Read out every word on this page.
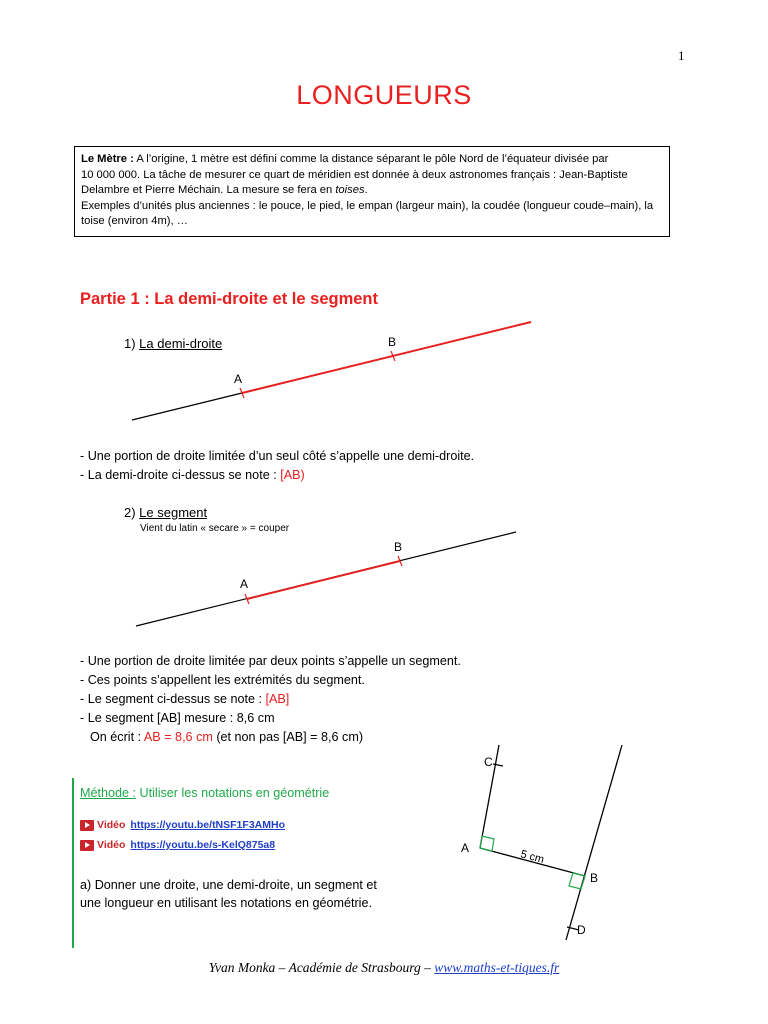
1
LONGUEURS

Le Mètre : A l’origine, 1 mètre est défini comme la distance séparant le pôle Nord de l’équateur divisée par

10 000 000. La tâche de mesurer ce quart de méridien est donnée à deux astronomes français : Jean-Baptiste

Delambre et Pierre Méchain. La mesure se fera en toises.

Exemples d’unités plus anciennes : le pouce, le pied, le empan (largeur main), la coudée (longueur coude–main), la

toise (environ 4m), …

Partie 1 : La demi-droite et le segment
1) La demi-droite
A
B
A
B
C
A
B
D
5 cm
- Une portion de droite limitée d’un seul côté s’appelle une demi-droite.
- La demi-droite ci-dessus se note : [AB)
2) Le segment
Vient du latin « secare » = couper
- Une portion de droite limitée par deux points s’appelle un segment.
- Ces points s’appellent les extrémités du segment.
- Le segment ci-dessus se note : [AB]
- Le segment [AB] mesure : 8,6 cm
On écrit : AB = 8,6 cm (et non pas [AB] = 8,6 cm)
Méthode : Utiliser les notations en géométrie
Vidéo https://youtu.be/tNSF1F3AMHo
Vidéo https://youtu.be/s-KelQ875a8
a) Donner une droite, une demi-droite, un segment et
une longueur en utilisant les notations en géométrie.
Yvan Monka – Académie de Strasbourg – www.maths-et-tiques.fr
